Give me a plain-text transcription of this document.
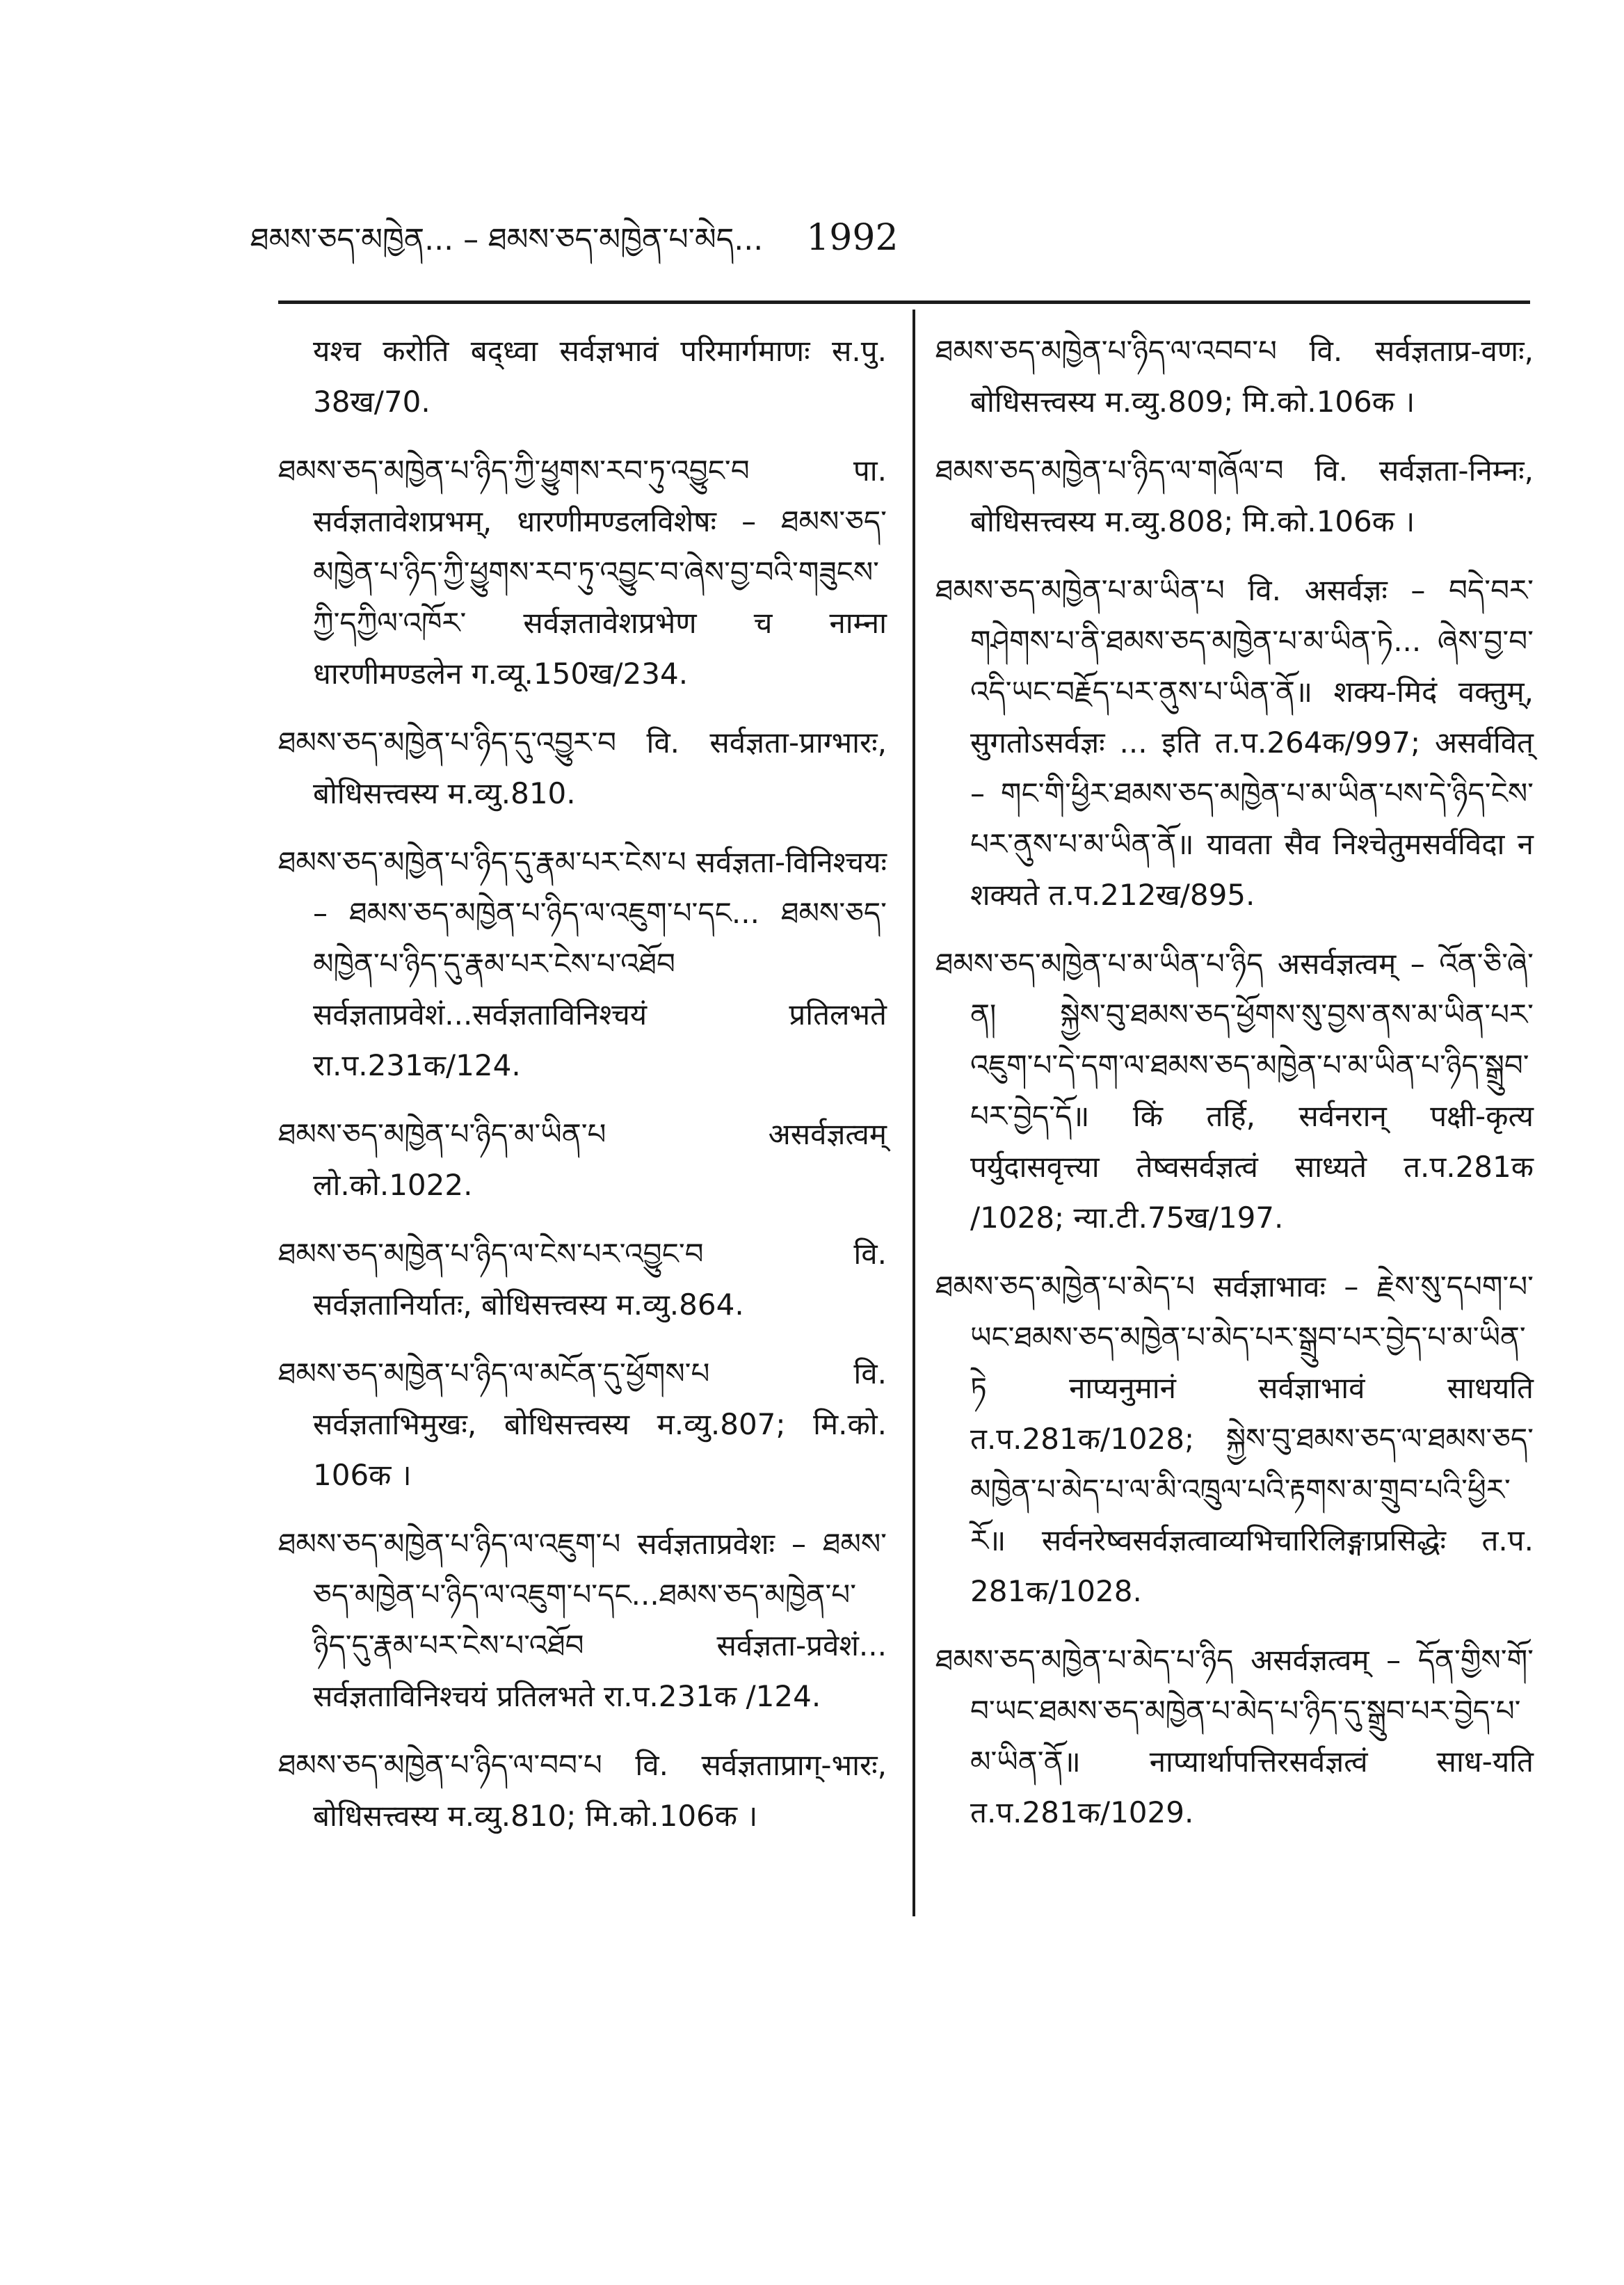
ཐམས་ཅད་མཁྱེན... – ཐམས་ཅད་མཁྱེན་པ་མེད... 1992

यश्च करोति बद्ध्वा सर्वज्ञभावं परिमार्गमाणः स.पु. 38ख/70.

ཐམས་ཅད་མཁྱེན་པ་ཉིད་ཀྱི་ཕྱུགས་རབ་ཏུ་འབྱུང་བ पा. सर्वज्ञतावेशप्रभम्, धारणीमण्डलविशेषः – ཐམས་ཅད་མཁྱེན་པ་ཉིད་ཀྱི་ཕྱུགས་རབ་ཏུ་འབྱུང་བ་ཞེས་བྱ་བའི་གཟུངས་ཀྱི་དཀྱིལ་འཁོར་ सर्वज्ञतावेशप्रभेण च नाम्ना धारणीमण्डलेन ग.व्यू.150ख/234.

ཐམས་ཅད་མཁྱེན་པ་ཉིད་དུ་འབྱུར་བ वि. सर्वज्ञता-प्राग्भारः, बोधिसत्त्वस्य म.व्यु.810.

ཐམས་ཅད་མཁྱེན་པ་ཉིད་དུ་རྣམ་པར་ངེས་པ सर्वज्ञता-विनिश्चयः – ཐམས་ཅད་མཁྱེན་པ་ཉིད་ལ་འཇུག་པ་དང... ཐམས་ཅད་མཁྱེན་པ་ཉིད་དུ་རྣམ་པར་ངེས་པ་འཐོབ सर्वज्ञताप्रवेशं...सर्वज्ञताविनिश्चयं प्रतिलभते रा.प.231क/124.

ཐམས་ཅད་མཁྱེན་པ་ཉིད་མ་ཡིན་པ असर्वज्ञत्वम् लो.को.1022.

ཐམས་ཅད་མཁྱེན་པ་ཉིད་ལ་ངེས་པར་འབྱུང་བ वि. सर्वज्ञतानिर्यातः, बोधिसत्त्वस्य म.व्यु.864.

ཐམས་ཅད་མཁྱེན་པ་ཉིད་ལ་མངོན་དུ་ཕྱོགས་པ वि. सर्वज्ञताभिमुखः, बोधिसत्त्वस्य म.व्यु.807; मि.को. 106क ।

ཐམས་ཅད་མཁྱེན་པ་ཉིད་ལ་འཇུག་པ सर्वज्ञताप्रवेशः – ཐམས་ཅད་མཁྱེན་པ་ཉིད་ལ་འཇུག་པ་དང...ཐམས་ཅད་མཁྱེན་པ་ཉིད་དུ་རྣམ་པར་ངེས་པ་འཐོབ सर्वज्ञता-प्रवेशं... सर्वज्ञताविनिश्चयं प्रतिलभते रा.प.231क /124.

ཐམས་ཅད་མཁྱེན་པ་ཉིད་ལ་བབ་པ वि. सर्वज्ञताप्राग्-भारः, बोधिसत्त्वस्य म.व्यु.810; मि.को.106क ।

ཐམས་ཅད་མཁྱེན་པ་ཉིད་ལ་འབབ་པ वि. सर्वज्ञताप्र-वणः, बोधिसत्त्वस्य म.व्यु.809; मि.को.106क ।

ཐམས་ཅད་མཁྱེན་པ་ཉིད་ལ་གཞོལ་བ वि. सर्वज्ञता-निम्नः, बोधिसत्त्वस्य म.व्यु.808; मि.को.106क ।

ཐམས་ཅད་མཁྱེན་པ་མ་ཡིན་པ वि. असर्वज्ञः – བདེ་བར་གཤེགས་པ་ནི་ཐམས་ཅད་མཁྱེན་པ་མ་ཡིན་ཏེ... ཞེས་བྱ་བ་འདི་ཡང་བརྗོད་པར་ནུས་པ་ཡིན་ནོ॥ शक्य-मिदं वक्तुम्, सुगतोऽसर्वज्ञः ... इति त.प.264क/997; असर्ववित् – གང་གི་ཕྱིར་ཐམས་ཅད་མཁྱེན་པ་མ་ཡིན་པས་དེ་ཉིད་ངེས་པར་ནུས་པ་མ་ཡིན་ནོ॥ यावता सैव निश्चेतुमसर्वविदा न शक्यते त.प.212ख/895.

ཐམས་ཅད་མཁྱེན་པ་མ་ཡིན་པ་ཉིད असर्वज्ञत्वम् – འོན་ཅི་ཞེ་ན། སྐྱེས་བུ་ཐམས་ཅད་ཕྱོགས་སུ་བྱས་ནས་མ་ཡིན་པར་འཇུག་པ་དེ་དག་ལ་ཐམས་ཅད་མཁྱེན་པ་མ་ཡིན་པ་ཉིད་སྒྲུབ་པར་བྱེད་དོ॥ किं तर्हि, सर्वनरान् पक्षी-कृत्य पर्युदासवृत्त्या तेष्वसर्वज्ञत्वं साध्यते त.प.281क /1028; न्या.टी.75ख/197.

ཐམས་ཅད་མཁྱེན་པ་མེད་པ सर्वज्ञाभावः – རྗེས་སུ་དཔག་པ་ཡང་ཐམས་ཅད་མཁྱེན་པ་མེད་པར་སྒྲུབ་པར་བྱེད་པ་མ་ཡིན་ཏེ नाप्यनुमानं सर्वज्ञाभावं साधयति त.प.281क/1028; སྐྱེས་བུ་ཐམས་ཅད་ལ་ཐམས་ཅད་མཁྱེན་པ་མེད་པ་ལ་མི་འཁྲུལ་པའི་རྟགས་མ་གྲུབ་པའི་ཕྱིར་རོ॥ सर्वनरेष्वसर्वज्ञत्वाव्यभिचारिलिङ्गाप्रसिद्धेः त.प. 281क/1028.

ཐམས་ཅད་མཁྱེན་པ་མེད་པ་ཉིད असर्वज्ञत्वम् – དོན་གྱིས་གོ་བ་ཡང་ཐམས་ཅད་མཁྱེན་པ་མེད་པ་ཉིད་དུ་སྒྲུབ་པར་བྱེད་པ་མ་ཡིན་ནོ॥ नाप्यार्थापत्तिरसर्वज्ञत्वं साध-यति त.प.281क/1029.
